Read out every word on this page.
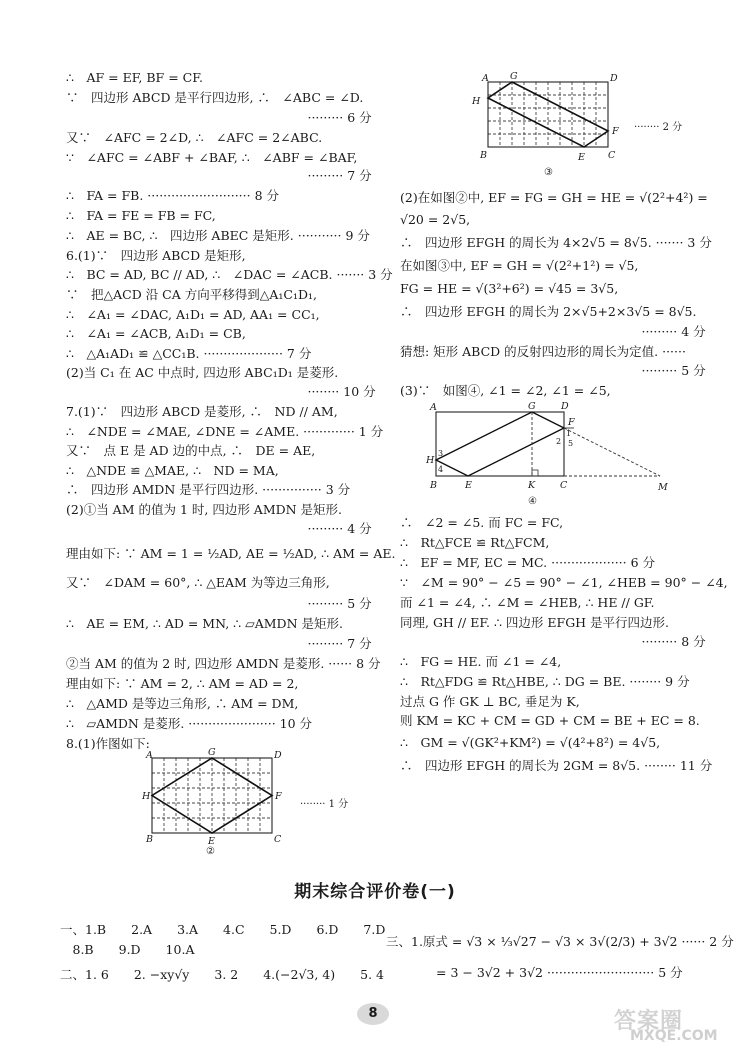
∴　AF = EF, BF = CF.
∵　四边形 ABCD 是平行四边形, ∴　∠ABC = ∠D.
　　　　　　　　　　　　　　　　　　　 ········· 6 分
又∵　∠AFC = 2∠D, ∴　∠AFC = 2∠ABC.
∵　∠AFC = ∠ABF + ∠BAF, ∴　∠ABF = ∠BAF,
　　　　　　　　　　　　　　　　　　　 ········· 7 分
∴　FA = FB. ·························· 8 分
∴　FA = FE = FB = FC,
∴　AE = BC, ∴　四边形 ABEC 是矩形. ··········· 9 分
6.(1)∵　四边形 ABCD 是矩形,
∴　BC = AD, BC // AD, ∴　∠DAC = ∠ACB. ······· 3 分
∵　把△ACD 沿 CA 方向平移得到△A₁C₁D₁,
∴　∠A₁ = ∠DAC, A₁D₁ = AD, AA₁ = CC₁,
∴　∠A₁ = ∠ACB, A₁D₁ = CB,
∴　△A₁AD₁ ≌ △CC₁B. ···················· 7 分
(2)当 C₁ 在 AC 中点时, 四边形 ABC₁D₁ 是菱形.
　　　　　　　　　　　　　　　　　　　 ········ 10 分
7.(1)∵　四边形 ABCD 是菱形, ∴　ND // AM,
∴　∠NDE = ∠MAE, ∠DNE = ∠AME. ············· 1 分
又∵　点 E 是 AD 边的中点, ∴　DE = AE,
∴　△NDE ≌ △MAE, ∴　ND = MA,
∴　四边形 AMDN 是平行四边形. ··············· 3 分
(2)①当 AM 的值为 1 时, 四边形 AMDN 是矩形.
　　　　　　　　　　　　　　　　　　　 ········· 4 分
理由如下: ∵ AM = 1 = ½AD, AE = ½AD, ∴ AM = AE.
又∵　∠DAM = 60°, ∴ △EAM 为等边三角形,
　　　　　　　　　　　　　　　　　　　 ········· 5 分
∴　AE = EM, ∴ AD = MN, ∴ ▱AMDN 是矩形.
　　　　　　　　　　　　　　　　　　　 ········· 7 分
②当 AM 的值为 2 时, 四边形 AMDN 是菱形. ······ 8 分
理由如下: ∵ AM = 2, ∴ AM = AD = 2,
∴　△AMD 是等边三角形, ∴ AM = DM,
∴　▱AMDN 是菱形. ······················ 10 分
8.(1)作图如下:
A	G	D
H	F
B	E	C
②
········ 1 分
A G	D
H
F
B	E C
③
········ 2 分
(2)在如图②中, EF = FG = GH = HE = √(2²+4²) =
√20 = 2√5,
∴　四边形 EFGH 的周长为 4×2√5 = 8√5. ······· 3 分
在如图③中, EF = GH = √(2²+1²) = √5,
FG = HE = √(3²+6²) = √45 = 3√5,
∴　四边形 EFGH 的周长为 2×√5+2×3√5 = 8√5.
　　　　　　　　　　　　　　　　　　　 ········· 4 分
猜想: 矩形 ABCD 的反射四边形的周长为定值. ······
　　　　　　　　　　　　　　　　　　　 ········· 5 分
(3)∵　如图④, ∠1 = ∠2, ∠1 = ∠5,
A	G	D
F
H
B	E	K	C	M
3
4
1
2 5
④
∴　∠2 = ∠5. 而 FC = FC,
∴　Rt△FCE ≌ Rt△FCM,
∴　EF = MF, EC = MC. ··················· 6 分
∵　∠M = 90° − ∠5 = 90° − ∠1, ∠HEB = 90° − ∠4,
而 ∠1 = ∠4, ∴ ∠M = ∠HEB, ∴ HE // GF.
同理, GH // EF. ∴ 四边形 EFGH 是平行四边形.
　　　　　　　　　　　　　　　　　　　 ········· 8 分
∴　FG = HE. 而 ∠1 = ∠4,
∴　Rt△FDG ≌ Rt△HBE, ∴ DG = BE. ········ 9 分
过点 G 作 GK ⊥ BC, 垂足为 K,
则 KM = KC + CM = GD + CM = BE + EC = 8.
∴　GM = √(GK²+KM²) = √(4²+8²) = 4√5,
∴　四边形 EFGH 的周长为 2GM = 8√5. ········ 11 分
期末综合评价卷(一)
一、1.B　　2.A　　3.A　　4.C　　5.D　　6.D　　7.D
　8.B　　9.D　　10.A
二、1. 6　　2. −xy√y　　3. 2　　4.(−2√3, 4)　　5. 4
三、1.原式 = √3 × ⅓√27 − √3 × 3√(2/3) + 3√2 ······ 2 分
　　　　= 3 − 3√2 + 3√2 ··························· 5 分
8	答案圈
MXQE.COM
